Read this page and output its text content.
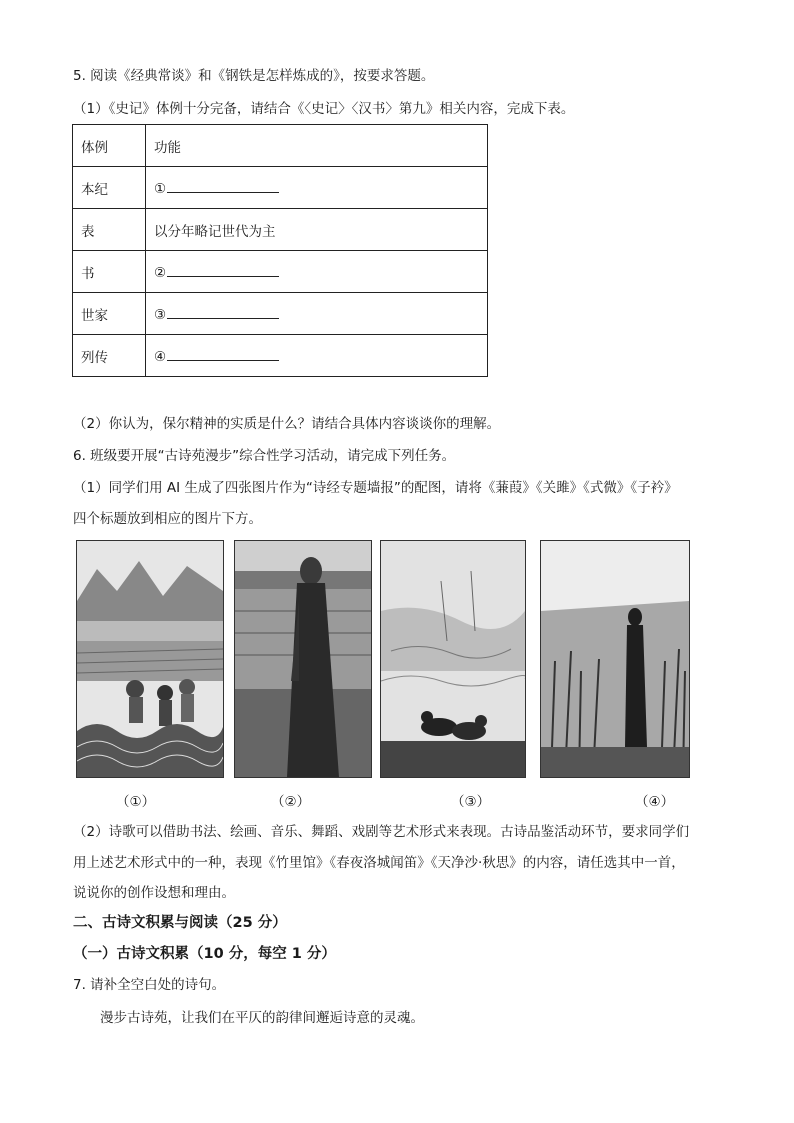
5. 阅读《经典常谈》和《钢铁是怎样炼成的》，按要求答题。
（1）《史记》体例十分完备，请结合《〈史记〉〈汉书〉第九》相关内容，完成下表。
体例	功能
本纪	①
表	以分年略记世代为主
书	②
世家	③
列传	④
（2）你认为，保尔精神的实质是什么？请结合具体内容谈谈你的理解。
6. 班级要开展“古诗苑漫步”综合性学习活动，请完成下列任务。
（1）同学们用 AI 生成了四张图片作为“诗经专题墙报”的配图，请将《蒹葭》《关雎》《式微》《子衿》
四个标题放到相应的图片下方。
（①）	（②）	（③）	（④）
（2）诗歌可以借助书法、绘画、音乐、舞蹈、戏剧等艺术形式来表现。古诗品鉴活动环节，要求同学们
用上述艺术形式中的一种，表现《竹里馆》《春夜洛城闻笛》《天净沙·秋思》的内容，请任选其中一首，
说说你的创作设想和理由。
二、古诗文积累与阅读（25 分）
（一）古诗文积累（10 分，每空 1 分）
7. 请补全空白处的诗句。
漫步古诗苑，让我们在平仄的韵律间邂逅诗意的灵魂。
